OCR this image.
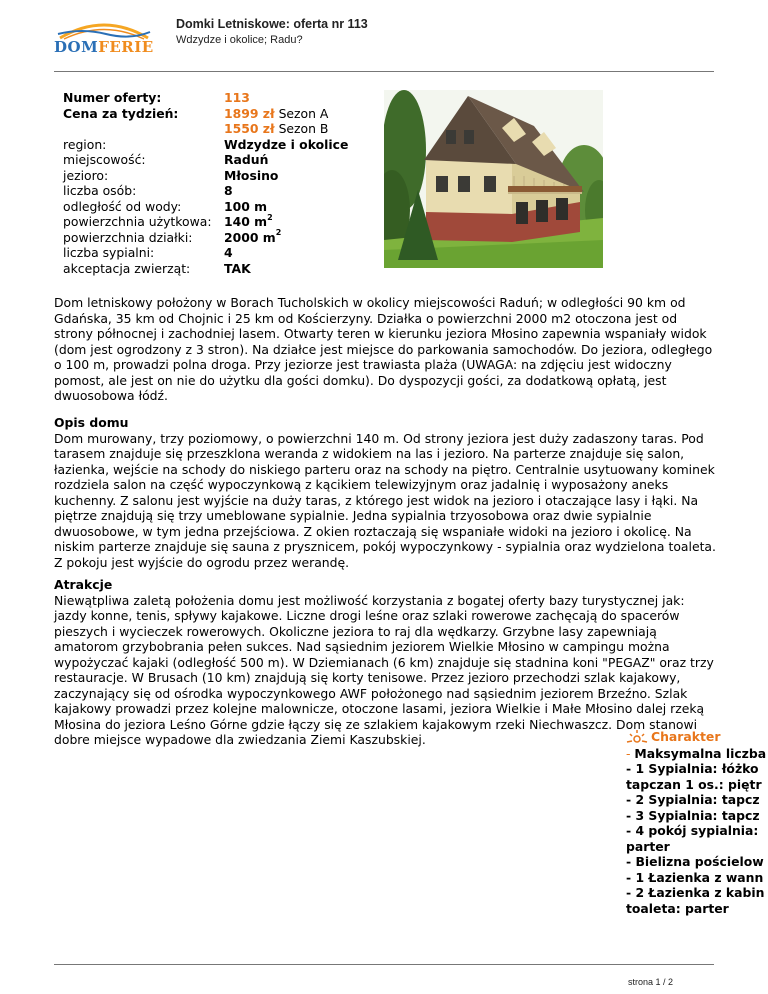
DOMFERIE
Domki Letniskowe: oferta nr 113
Wdzydze i okolice; Radu?
Numer oferty:	113
Cena za tydzień:	1899 zł Sezon A
1550 zł Sezon B
region:	Wdzydze i okolice
miejscowość:	Raduń
jezioro:	Młosino
liczba osób:	8
odległość od wody:	100 m
powierzchnia użytkowa:	140 $m^2$
powierzchnia działki:	2000 $m^2$
liczba sypialni:	4
akceptacja zwierząt:	TAK

Dom letniskowy położony w Borach Tucholskich w okolicy miejscowości Raduń; w odległości 90 km od Gdańska, 35 km od Chojnic i 25 km od Kościerzyny. Działka o powierzchni 2000 m2 otoczona jest od strony północnej i zachodniej lasem. Otwarty teren w kierunku jeziora Młosino zapewnia wspaniały widok (dom jest ogrodzony z 3 stron). Na działce jest miejsce do parkowania samochodów. Do jeziora, odległego o 100 m, prowadzi polna droga. Przy jeziorze jest trawiasta plaża (UWAGA: na zdjęciu jest widoczny pomost, ale jest on nie do użytku dla gości domku). Do dyspozycji gości, za dodatkową opłatą, jest dwuosobowa łódź.

Opis domu

Dom murowany, trzy poziomowy, o powierzchni 140 m. Od strony jeziora jest duży zadaszony taras. Pod tarasem znajduje się przeszklona weranda z widokiem na las i jezioro. Na parterze znajduje się salon, łazienka, wejście na schody do niskiego parteru oraz na schody na piętro. Centralnie usytuowany kominek rozdziela salon na część wypoczynkową z kącikiem telewizyjnym oraz jadalnię i wyposażony aneks kuchenny. Z salonu jest wyjście na duży taras, z którego jest widok na jezioro i otaczające lasy i łąki. Na piętrze znajdują się trzy umeblowane sypialnie. Jedna sypialnia trzyosobowa oraz dwie sypialnie dwuosobowe, w tym jedna przejściowa. Z okien roztaczają się wspaniałe widoki na jezioro i okolicę. Na niskim parterze znajduje się sauna z prysznicem, pokój wypoczynkowy - sypialnia oraz wydzielona toaleta. Z pokoju jest wyjście do ogrodu przez werandę.

Atrakcje

Niewątpliwa zaletą położenia domu jest możliwość korzystania z bogatej oferty bazy turystycznej jak: jazdy konne, tenis, spływy kajakowe. Liczne drogi leśne oraz szlaki rowerowe zachęcają do spacerów pieszych i wycieczek rowerowych. Okoliczne jeziora to raj dla wędkarzy. Grzybne lasy zapewniają amatorom grzybobrania pełen sukces. Nad sąsiednim jeziorem Wielkie Młosino w campingu można wypożyczać kajaki (odległość 500 m). W Dziemianach (6 km) znajduje się stadnina koni "PEGAZ" oraz trzy restauracje. W Brusach (10 km) znajdują się korty tenisowe. Przez jezioro przechodzi szlak kajakowy, zaczynający się od ośrodka wypoczynkowego AWF położonego nad sąsiednim jeziorem Brzeźno. Szlak kajakowy prowadzi przez kolejne malownicze, otoczone lasami, jeziora Wielkie i Małe Młosino dalej rzeką Młosina do jeziora Leśno Górne gdzie łączy się ze szlakiem kajakowym rzeki Niechwaszcz. Dom stanowi dobre miejsce wypadowe dla zwiedzania Ziemi Kaszubskiej.	Charakter
- Maksymalna liczba
- 1 Sypialnia: łóżko
tapczan 1 os.: piętr
- 2 Sypialnia: tapcz
- 3 Sypialnia: tapcz
- 4 pokój sypialnia:
parter
- Bielizna pościelow
- 1 Łazienka z wann
- 2 Łazienka z kabin
toaleta: parter
strona 1 / 2
